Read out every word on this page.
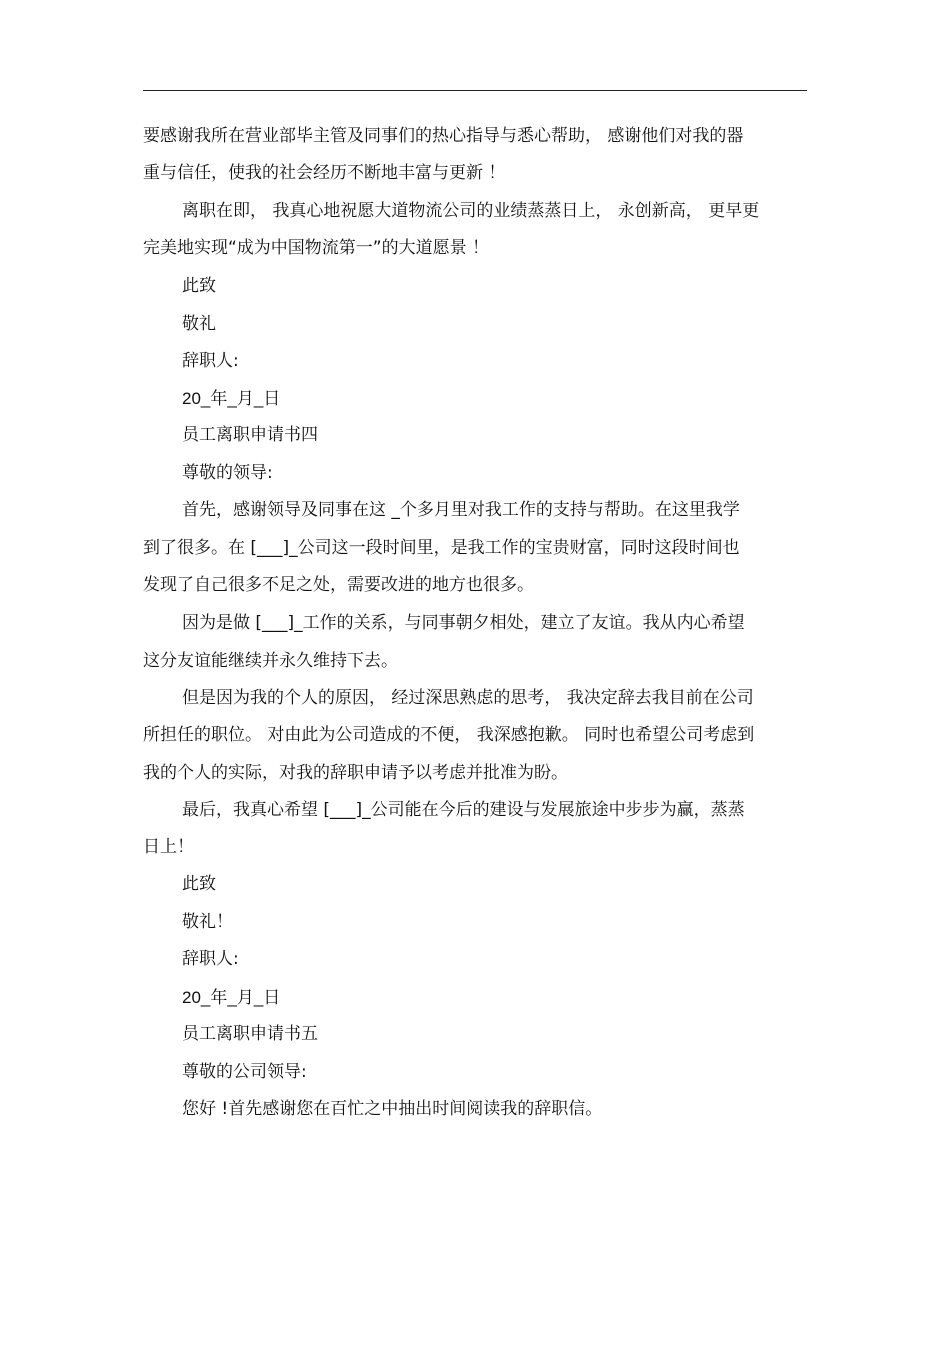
要感谢我所在营业部毕主管及同事们的热心指导与悉心帮助， 感谢他们对我的器
重与信任，使我的社会经历不断地丰富与更新 ！
离职在即， 我真心地祝愿大道物流公司的业绩蒸蒸日上， 永创新高， 更早更
完美地实现“成为中国物流第一”的大道愿景 ！
此致
敬礼
辞职人:
20_年_月_日
员工离职申请书四
尊敬的领导:
首先，感谢领导及同事在这 _个多月里对我工作的支持与帮助。在这里我学
到了很多。在 [___]_公司这一段时间里，是我工作的宝贵财富，同时这段时间也
发现了自己很多不足之处，需要改进的地方也很多。
因为是做 [___]_工作的关系，与同事朝夕相处，建立了友谊。我从内心希望
这分友谊能继续并永久维持下去。
但是因为我的个人的原因， 经过深思熟虑的思考， 我决定辞去我目前在公司
所担任的职位。 对由此为公司造成的不便， 我深感抱歉。 同时也希望公司考虑到
我的个人的实际，对我的辞职申请予以考虑并批准为盼。
最后，我真心希望 [___]_公司能在今后的建设与发展旅途中步步为赢，蒸蒸
日上！
此致
敬礼！
辞职人:
20_年_月_日
员工离职申请书五
尊敬的公司领导:
您好 !首先感谢您在百忙之中抽出时间阅读我的辞职信。
